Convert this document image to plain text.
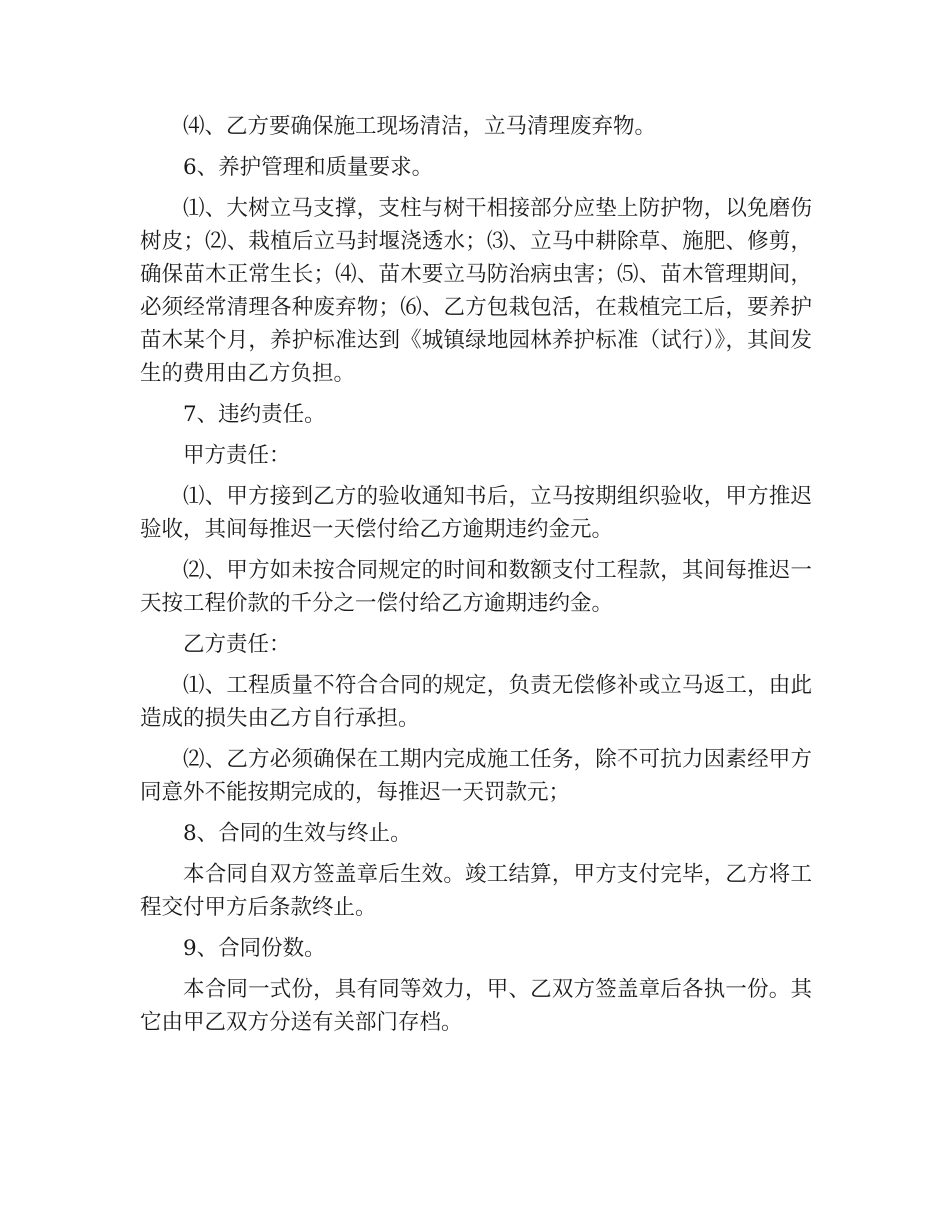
⑷、乙方要确保施工现场清洁，立马清理废弃物。

6、养护管理和质量要求。

⑴、大树立马支撑，支柱与树干相接部分应垫上防护物，以免磨伤树皮；⑵、栽植后立马封堰浇透水；⑶、立马中耕除草、施肥、修剪，确保苗木正常生长；⑷、苗木要立马防治病虫害；⑸、苗木管理期间，必须经常清理各种废弃物；⑹、乙方包栽包活，在栽植完工后，要养护苗木某个月，养护标准达到《城镇绿地园林养护标准（试行）》，其间发生的费用由乙方负担。

7、违约责任。

甲方责任：

⑴、甲方接到乙方的验收通知书后，立马按期组织验收，甲方推迟验收，其间每推迟一天偿付给乙方逾期违约金元。

⑵、甲方如未按合同规定的时间和数额支付工程款，其间每推迟一天按工程价款的千分之一偿付给乙方逾期违约金。

乙方责任：

⑴、工程质量不符合合同的规定，负责无偿修补或立马返工，由此造成的损失由乙方自行承担。

⑵、乙方必须确保在工期内完成施工任务，除不可抗力因素经甲方同意外不能按期完成的，每推迟一天罚款元；

8、合同的生效与终止。

本合同自双方签盖章后生效。竣工结算，甲方支付完毕，乙方将工程交付甲方后条款终止。

9、合同份数。

本合同一式份，具有同等效力，甲、乙双方签盖章后各执一份。其它由甲乙双方分送有关部门存档。
